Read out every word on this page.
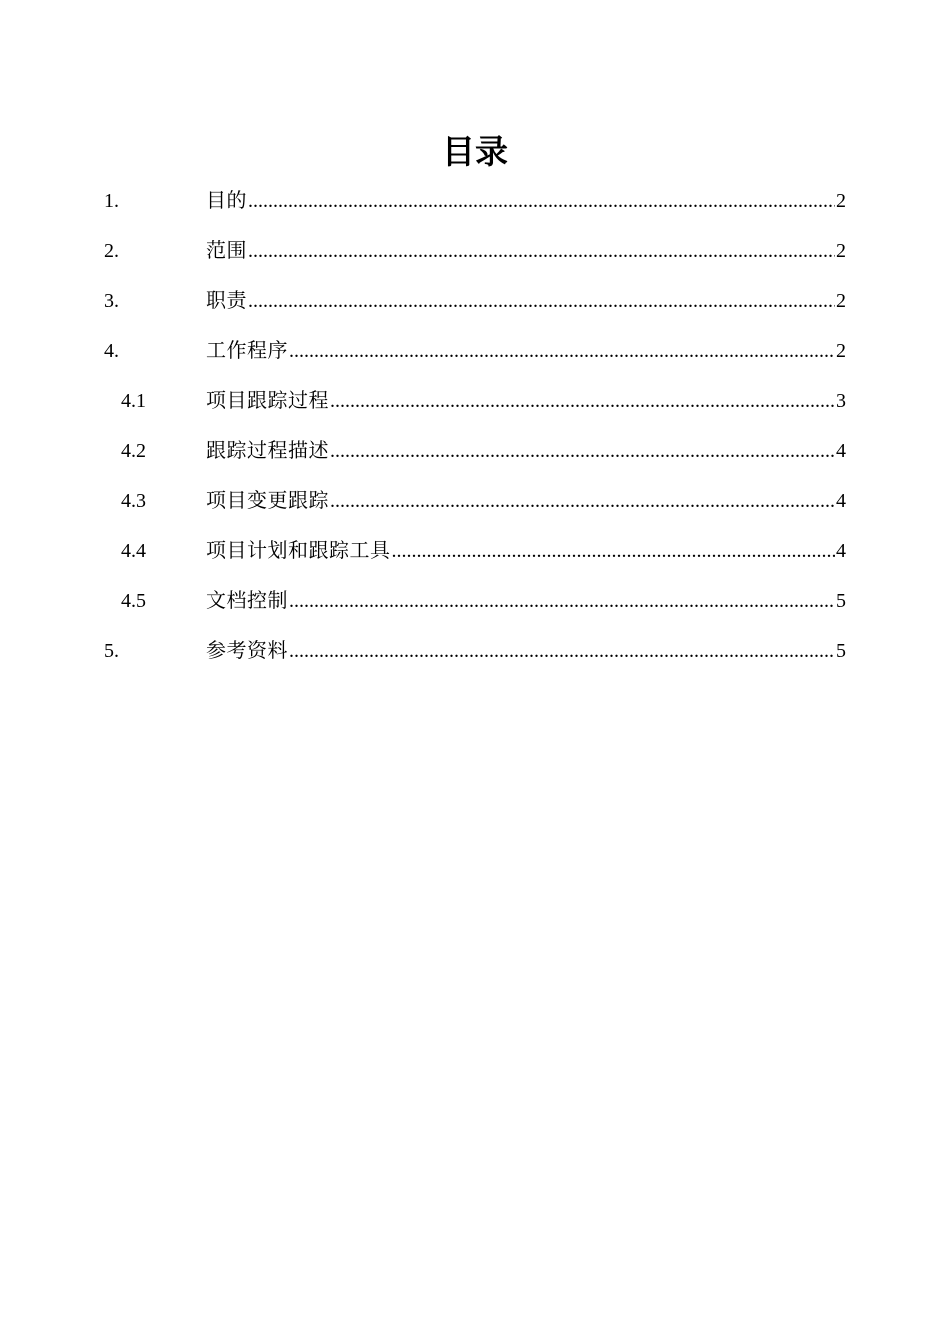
目录
1.	目的 .....	2
2.	范围 .....	2
3.	职责 .....	2
4.	工作程序 .....	2
4.1	项目跟踪过程 .....	3
4.2	跟踪过程描述 .....	4
4.3	项目变更跟踪 .....	4
4.4	项目计划和跟踪工具 .....	4
4.5	文档控制 .....	5
5.	参考资料 .....	5
